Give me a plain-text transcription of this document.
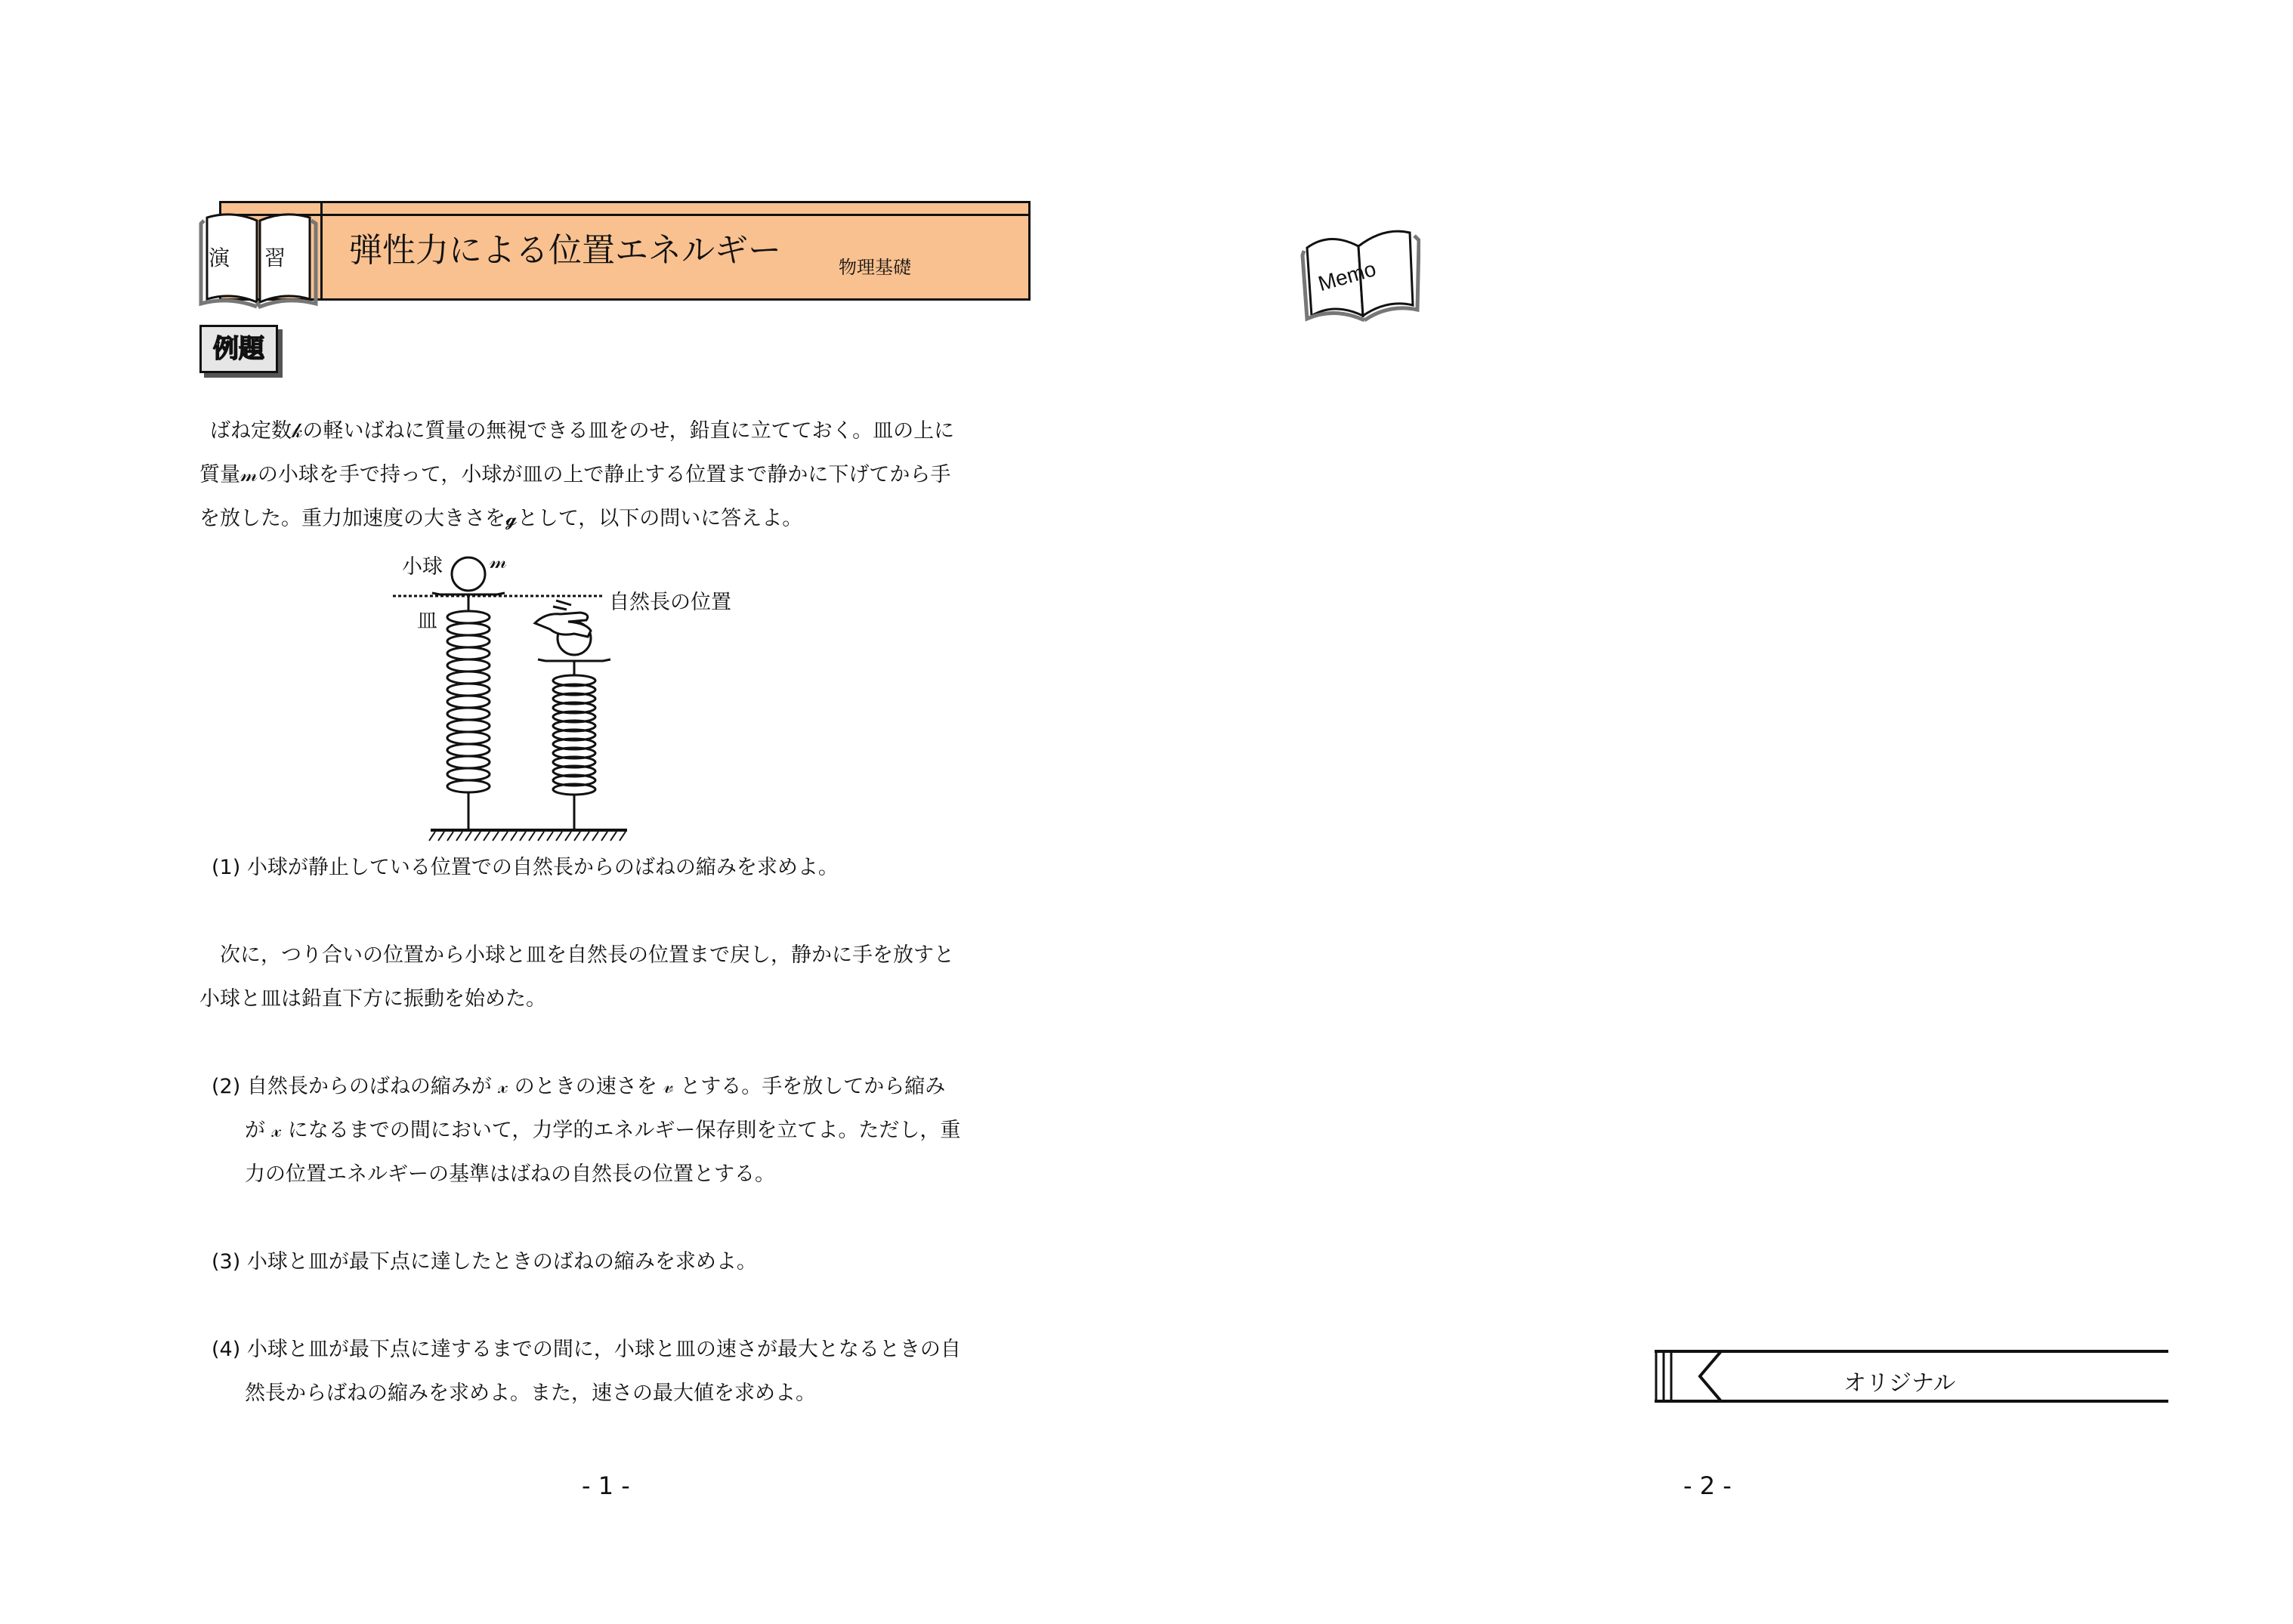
弾性力による位置エネルギー	物理基礎
演 習
例題
ばね定数𝓀の軽いばねに質量の無視できる皿をのせ，鉛直に立てておく。皿の上に
質量𝓂の小球を手で持って，小球が皿の上で静止する位置まで静かに下げてから手
を放した。重力加速度の大きさを𝓰として，以下の問いに答えよ。
小球 𝓂
皿
自然長の位置
(1) 小球が静止している位置での自然長からのばねの縮みを求めよ。
　次に，つり合いの位置から小球と皿を自然長の位置まで戻し，静かに手を放すと
小球と皿は鉛直下方に振動を始めた。
(2) 自然長からのばねの縮みが 𝓍 のときの速さを 𝓋 とする。手を放してから縮み
が 𝓍 になるまでの間において，力学的エネルギー保存則を立てよ。ただし，重
力の位置エネルギーの基準はばねの自然長の位置とする。
(3) 小球と皿が最下点に達したときのばねの縮みを求めよ。
(4) 小球と皿が最下点に達するまでの間に，小球と皿の速さが最大となるときの自
然長からばねの縮みを求めよ。また，速さの最大値を求めよ。
- 1 -
Memo
オリジナル
- 2 -
